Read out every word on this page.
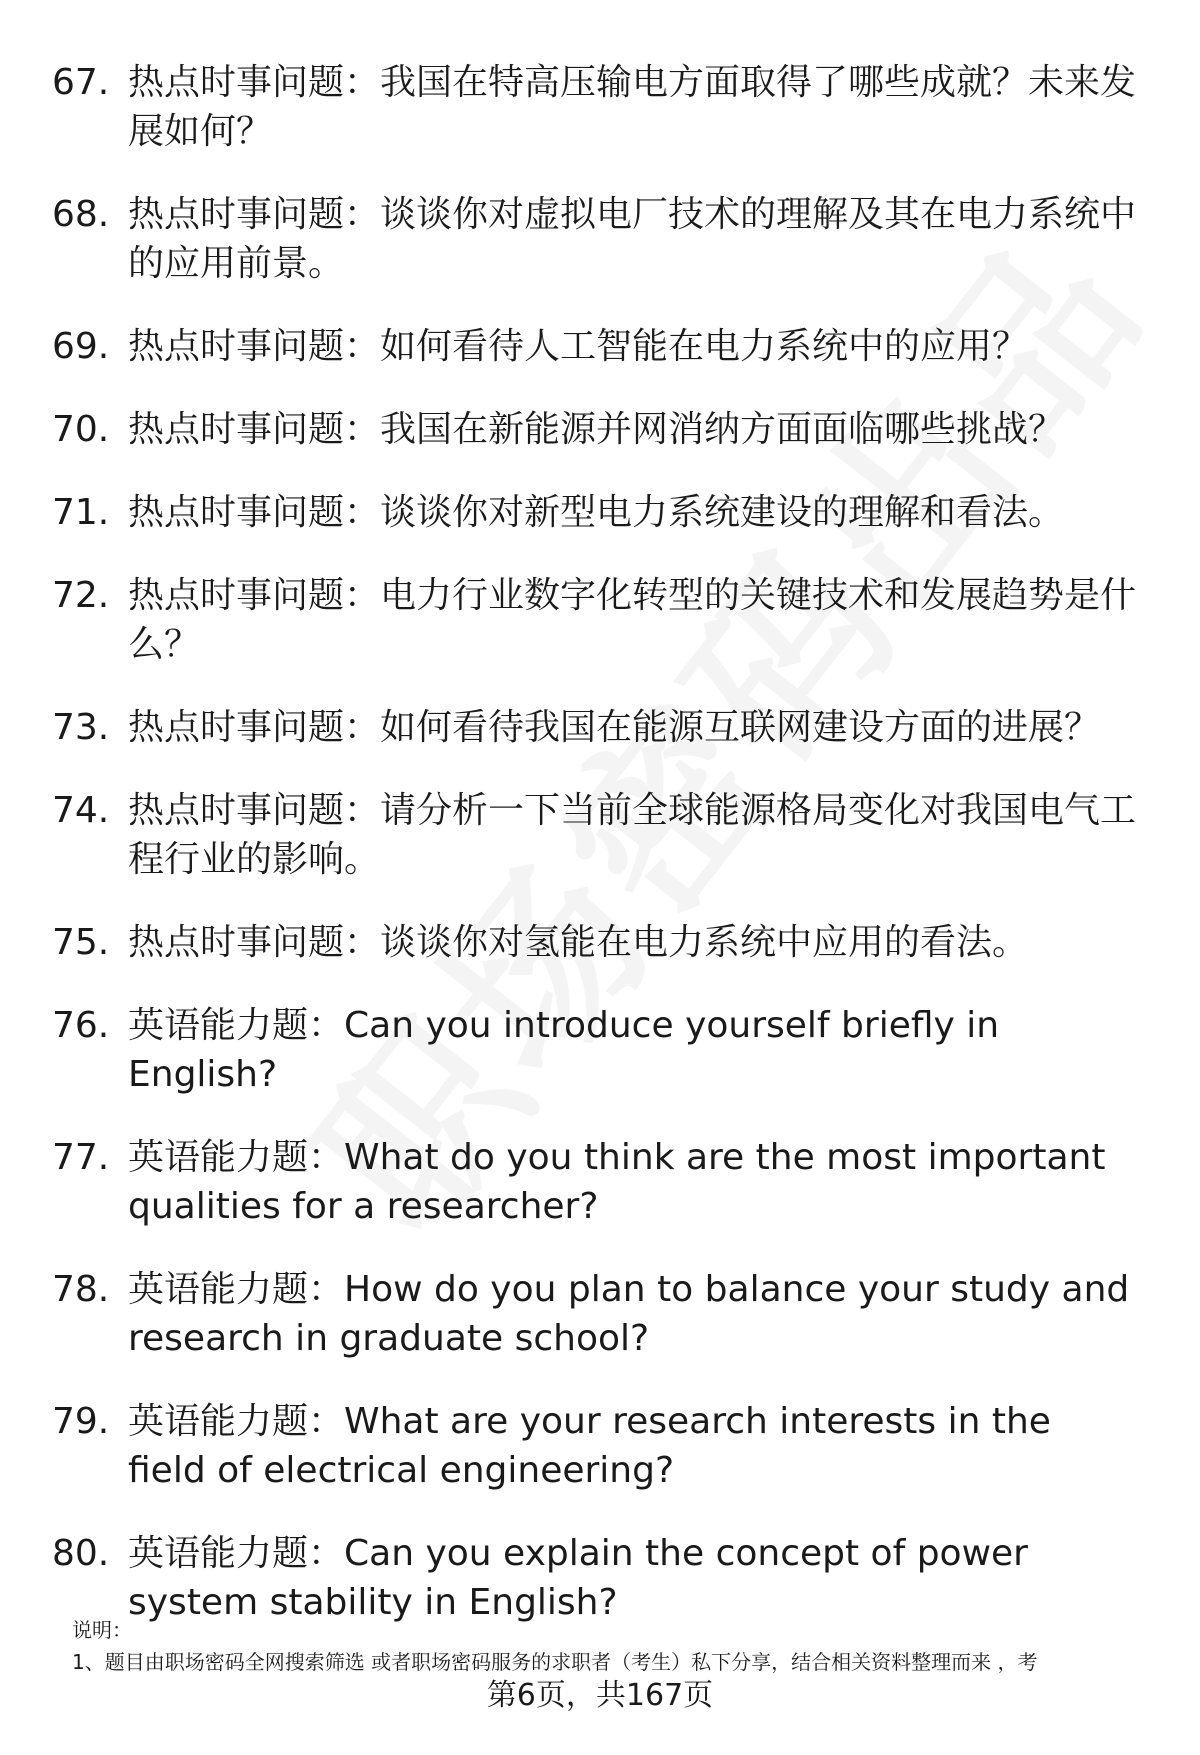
67. 热点时事问题：我国在特高压输电方面取得了哪些成就？未来发展如何？
68. 热点时事问题：谈谈你对虚拟电厂技术的理解及其在电力系统中的应用前景。
69. 热点时事问题：如何看待人工智能在电力系统中的应用？
70. 热点时事问题：我国在新能源并网消纳方面面临哪些挑战？
71. 热点时事问题：谈谈你对新型电力系统建设的理解和看法。
72. 热点时事问题：电力行业数字化转型的关键技术和发展趋势是什么？
73. 热点时事问题：如何看待我国在能源互联网建设方面的进展？
74. 热点时事问题：请分析一下当前全球能源格局变化对我国电气工程行业的影响。
75. 热点时事问题：谈谈你对氢能在电力系统中应用的看法。
76. 英语能力题：Can you introduce yourself briefly in English?
77. 英语能力题：What do you think are the most important qualities for a researcher?
78. 英语能力题：How do you plan to balance your study and research in graduate school?
79. 英语能力题：What are your research interests in the field of electrical engineering?
80. 英语能力题：Can you explain the concept of power system stability in English?
说明：
1、题目由职场密码全网搜索筛选 或者职场密码服务的求职者（考生）私下分享，结合相关资料整理而来 ，考
第6页，共167页
